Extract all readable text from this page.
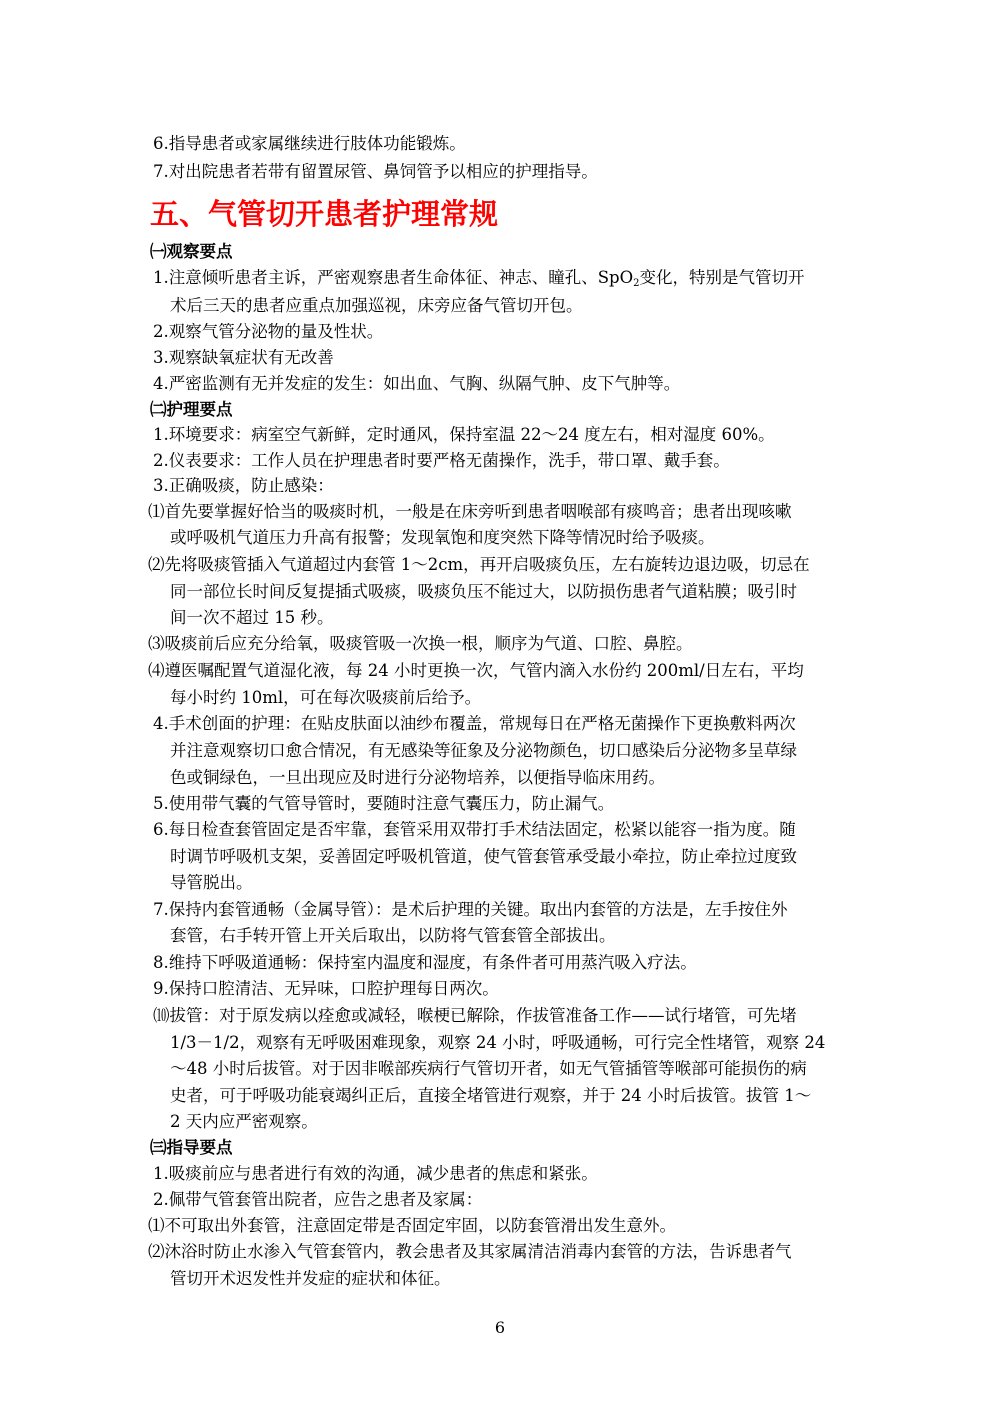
6.指导患者或家属继续进行肢体功能锻炼。
7.对出院患者若带有留置尿管、鼻饲管予以相应的护理指导。
五、气管切开患者护理常规
㈠观察要点
1.注意倾听患者主诉，严密观察患者生命体征、神志、瞳孔、SpO$_2$变化，特别是气管切开
术后三天的患者应重点加强巡视，床旁应备气管切开包。
2.观察气管分泌物的量及性状。
3.观察缺氧症状有无改善
4.严密监测有无并发症的发生：如出血、气胸、纵隔气肿、皮下气肿等。
㈡护理要点
1.环境要求：病室空气新鲜，定时通风，保持室温 22～24 度左右，相对湿度 60%。
2.仪表要求：工作人员在护理患者时要严格无菌操作，洗手，带口罩、戴手套。
3.正确吸痰，防止感染：
⑴首先要掌握好恰当的吸痰时机，一般是在床旁听到患者咽喉部有痰鸣音；患者出现咳嗽
或呼吸机气道压力升高有报警；发现氧饱和度突然下降等情况时给予吸痰。
⑵先将吸痰管插入气道超过内套管 1～2cm，再开启吸痰负压，左右旋转边退边吸，切忌在
同一部位长时间反复提插式吸痰，吸痰负压不能过大，以防损伤患者气道粘膜；吸引时
间一次不超过 15 秒。
⑶吸痰前后应充分给氧，吸痰管吸一次换一根，顺序为气道、口腔、鼻腔。
⑷遵医嘱配置气道湿化液，每 24 小时更换一次，气管内滴入水份约 200ml/日左右，平均
每小时约 10ml，可在每次吸痰前后给予。
4.手术创面的护理：在贴皮肤面以油纱布覆盖，常规每日在严格无菌操作下更换敷料两次
并注意观察切口愈合情况，有无感染等征象及分泌物颜色，切口感染后分泌物多呈草绿
色或铜绿色，一旦出现应及时进行分泌物培养，以便指导临床用药。
5.使用带气囊的气管导管时，要随时注意气囊压力，防止漏气。
6.每日检查套管固定是否牢靠，套管采用双带打手术结法固定，松紧以能容一指为度。随
时调节呼吸机支架，妥善固定呼吸机管道，使气管套管承受最小牵拉，防止牵拉过度致
导管脱出。
7.保持内套管通畅（金属导管）：是术后护理的关键。取出内套管的方法是，左手按住外
套管，右手转开管上开关后取出，以防将气管套管全部拔出。
8.维持下呼吸道通畅：保持室内温度和湿度，有条件者可用蒸汽吸入疗法。
9.保持口腔清洁、无异味，口腔护理每日两次。
⑽拔管：对于原发病以痊愈或减轻，喉梗已解除，作拔管准备工作——试行堵管，可先堵
1/3－1/2，观察有无呼吸困难现象，观察 24 小时，呼吸通畅，可行完全性堵管，观察 24
～48 小时后拔管。对于因非喉部疾病行气管切开者，如无气管插管等喉部可能损伤的病
史者，可于呼吸功能衰竭纠正后，直接全堵管进行观察，并于 24 小时后拔管。拔管 1～
2 天内应严密观察。
㈢指导要点
1.吸痰前应与患者进行有效的沟通，减少患者的焦虑和紧张。
2.佩带气管套管出院者，应告之患者及家属：
⑴不可取出外套管，注意固定带是否固定牢固，以防套管滑出发生意外。
⑵沐浴时防止水渗入气管套管内，教会患者及其家属清洁消毒内套管的方法，告诉患者气
管切开术迟发性并发症的症状和体征。
6
